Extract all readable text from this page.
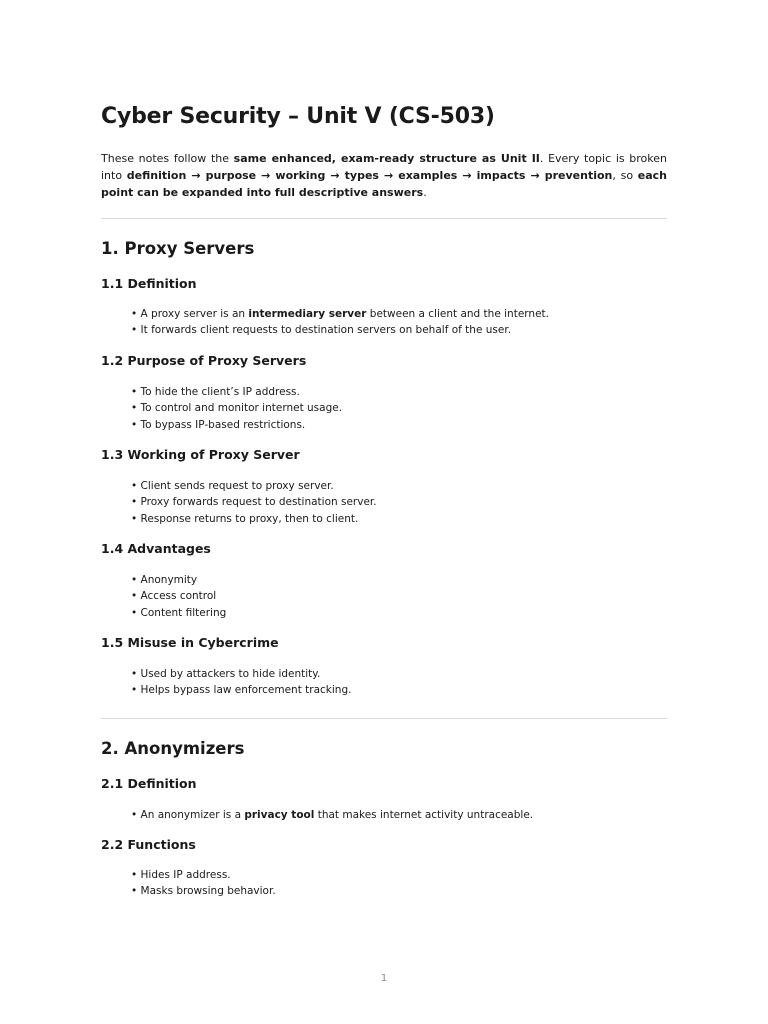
Cyber Security – Unit V (CS-503)

These notes follow the same enhanced, exam-ready structure as Unit II. Every topic is broken into definition → purpose → working → types → examples → impacts → prevention, so each point can be expanded into full descriptive answers.

1. Proxy Servers
1.1 Definition
• A proxy server is an intermediary server between a client and the internet.
• It forwards client requests to destination servers on behalf of the user.
1.2 Purpose of Proxy Servers
• To hide the client’s IP address.
• To control and monitor internet usage.
• To bypass IP-based restrictions.
1.3 Working of Proxy Server
• Client sends request to proxy server.
• Proxy forwards request to destination server.
• Response returns to proxy, then to client.
1.4 Advantages
• Anonymity
• Access control
• Content filtering
1.5 Misuse in Cybercrime
• Used by attackers to hide identity.
• Helps bypass law enforcement tracking.
2. Anonymizers
2.1 Definition
• An anonymizer is a privacy tool that makes internet activity untraceable.
2.2 Functions
• Hides IP address.
• Masks browsing behavior.
1
